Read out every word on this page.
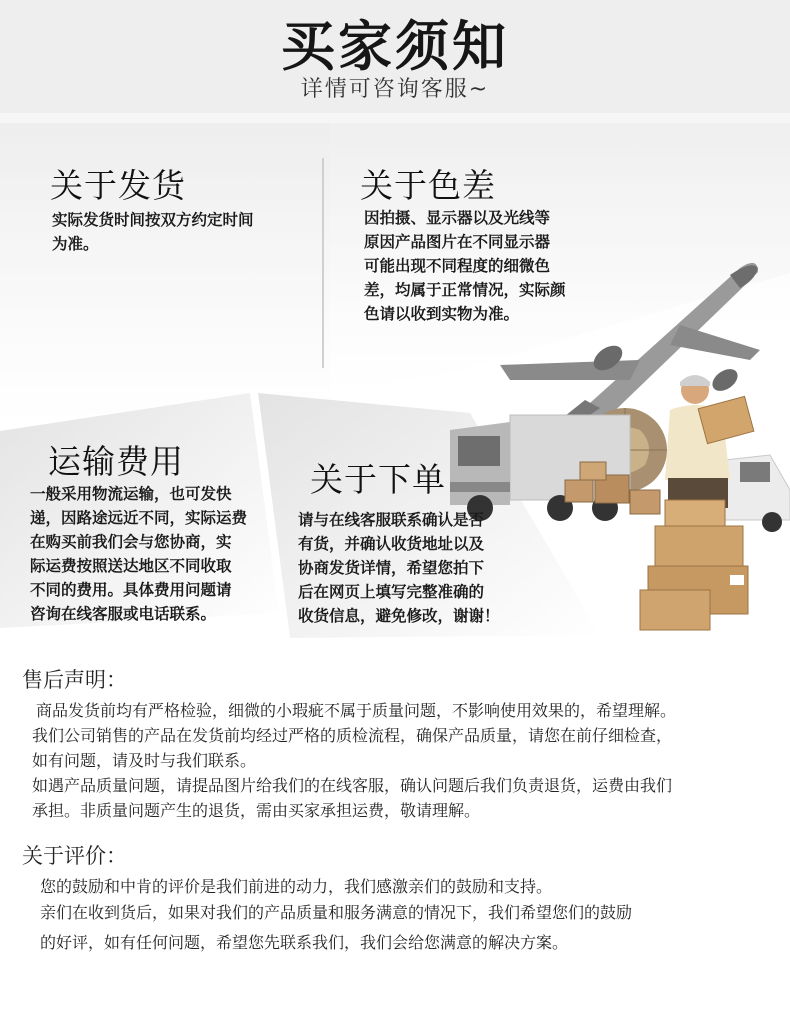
买家须知
详情可咨询客服~
关于发货
实际发货时间按双方约定时间
为准。
关于色差
因拍摄、显示器以及光线等
原因产品图片在不同显示器
可能出现不同程度的细微色
差，均属于正常情况，实际颜
色请以收到实物为准。
运输费用
一般采用物流运输，也可发快
递，因路途远近不同，实际运费
在购买前我们会与您协商，实
际运费按照送达地区不同收取
不同的费用。具体费用问题请
咨询在线客服或电话联系。
关于下单
请与在线客服联系确认是否
有货，并确认收货地址以及
协商发货详情，希望您拍下
后在网页上填写完整准确的
收货信息，避免修改，谢谢！
售后声明：
商品发货前均有严格检验，细微的小瑕疵不属于质量问题，不影响使用效果的，希望理解。
我们公司销售的产品在发货前均经过严格的质检流程，确保产品质量，请您在前仔细检查，
如有问题，请及时与我们联系。
如遇产品质量问题，请提品图片给我们的在线客服，确认问题后我们负责退货，运费由我们
承担。非质量问题产生的退货，需由买家承担运费，敬请理解。
关于评价：
您的鼓励和中肯的评价是我们前进的动力，我们感激亲们的鼓励和支持。
亲们在收到货后，如果对我们的产品质量和服务满意的情况下，我们希望您们的鼓励
的好评，如有任何问题，希望您先联系我们，我们会给您满意的解决方案。
